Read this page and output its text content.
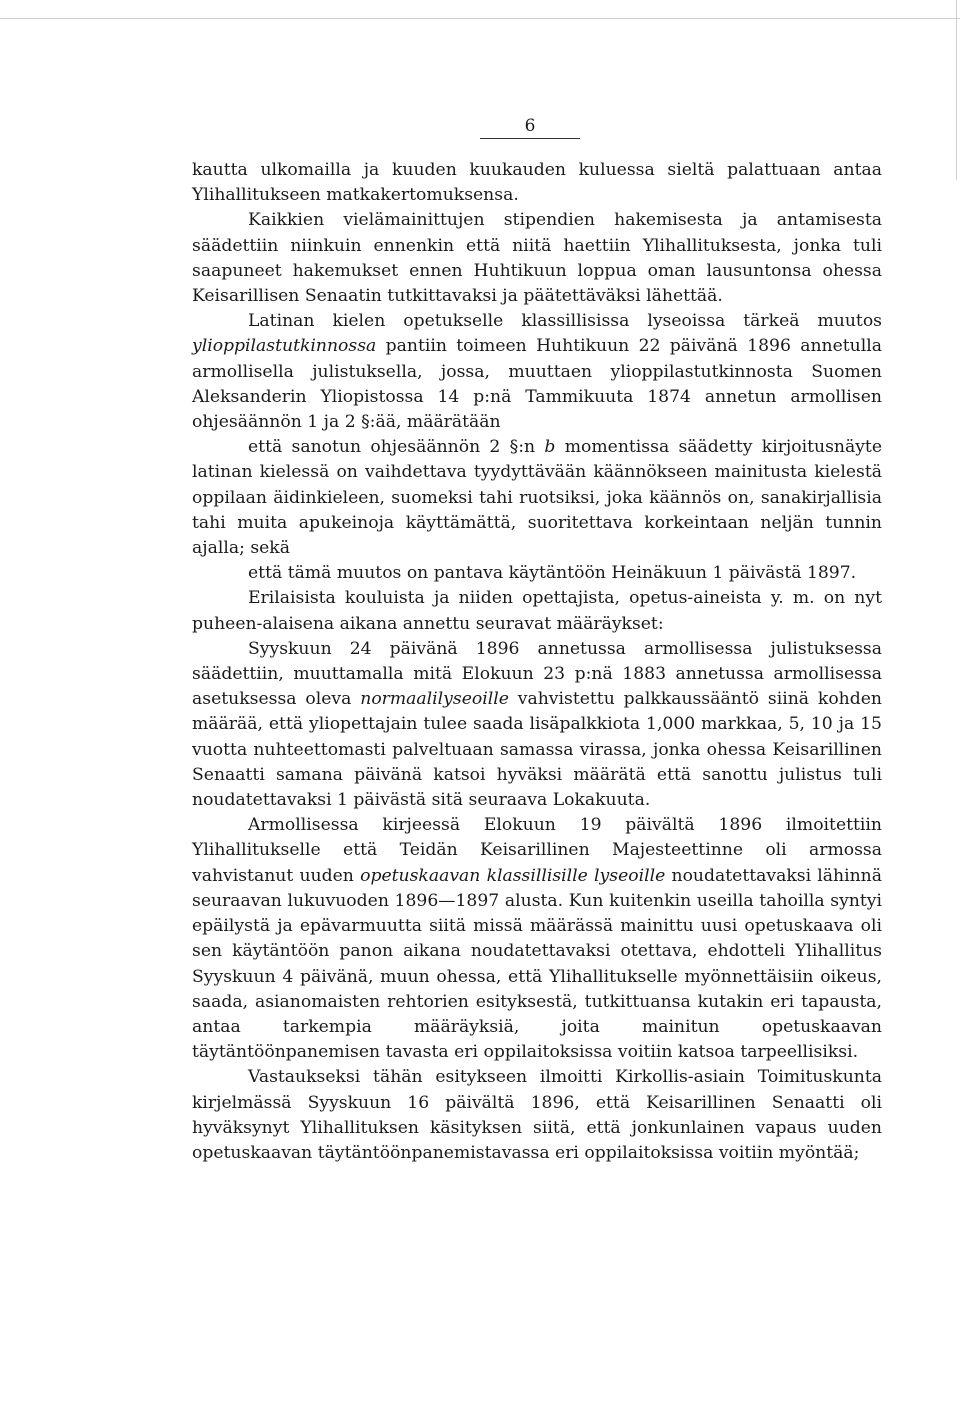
6

kautta ulkomailla ja kuuden kuukauden kuluessa sieltä palattuaan antaa Ylihallitukseen matkakertomuksensa.

Kaikkien vielämainittujen stipendien hakemisesta ja antamisesta säädettiin niinkuin ennenkin että niitä haettiin Ylihallituksesta, jonka tuli saapuneet hakemukset ennen Huhtikuun loppua oman lausuntonsa ohessa Keisarillisen Senaatin tutkittavaksi ja päätettäväksi lähettää.

Latinan kielen opetukselle klassillisissa lyseoissa tärkeä muutos ylioppilastutkinnossa pantiin toimeen Huhtikuun 22 päivänä 1896 annetulla armollisella julistuksella, jossa, muuttaen ylioppilastutkinnosta Suomen Aleksanderin Yliopistossa 14 p:nä Tammikuuta 1874 annetun armollisen ohjesäännön 1 ja 2 §:ää, määrätään

että sanotun ohjesäännön 2 §:n b momentissa säädetty kirjoitusnäyte latinan kielessä on vaihdettava tyydyttävään käännökseen mainitusta kielestä oppilaan äidinkieleen, suomeksi tahi ruotsiksi, joka käännös on, sanakirjallisia tahi muita apukeinoja käyttämättä, suoritettava korkeintaan neljän tunnin ajalla; sekä

että tämä muutos on pantava käytäntöön Heinäkuun 1 päivästä 1897.

Erilaisista kouluista ja niiden opettajista, opetus-aineista y. m. on nyt puheen-alaisena aikana annettu seuravat määräykset:

Syyskuun 24 päivänä 1896 annetussa armollisessa julistuksessa säädettiin, muuttamalla mitä Elokuun 23 p:nä 1883 annetussa armollisessa asetuksessa oleva normaalilyseoille vahvistettu palkkaussääntö siinä kohden määrää, että yliopettajain tulee saada lisäpalkkiota 1,000 markkaa, 5, 10 ja 15 vuotta nuhteettomasti palveltuaan samassa virassa, jonka ohessa Keisarillinen Senaatti samana päivänä katsoi hyväksi määrätä että sanottu julistus tuli noudatettavaksi 1 päivästä sitä seuraava Lokakuuta.

Armollisessa kirjeessä Elokuun 19 päivältä 1896 ilmoitettiin Ylihallitukselle että Teidän Keisarillinen Majesteettinne oli armossa vahvistanut uuden opetuskaavan klassillisille lyseoille noudatettavaksi lähinnä seuraavan lukuvuoden 1896—1897 alusta. Kun kuitenkin useilla tahoilla syntyi epäilystä ja epävarmuutta siitä missä määrässä mainittu uusi opetuskaava oli sen käytäntöön panon aikana noudatettavaksi otettava, ehdotteli Ylihallitus Syyskuun 4 päivänä, muun ohessa, että Ylihallitukselle myönnettäisiin oikeus, saada, asianomaisten rehtorien esityksestä, tutkittuansa kutakin eri tapausta, antaa tarkempia määräyksiä, joita mainitun opetuskaavan täytäntöönpanemisen tavasta eri oppilaitoksissa voitiin katsoa tarpeellisiksi.

Vastaukseksi tähän esitykseen ilmoitti Kirkollis-asiain Toimituskunta kirjelmässä Syyskuun 16 päivältä 1896, että Keisarillinen Senaatti oli hyväksynyt Ylihallituksen käsityksen siitä, että jonkunlainen vapaus uuden opetuskaavan täytäntöönpanemistavassa eri oppilaitoksissa voitiin myöntää;
